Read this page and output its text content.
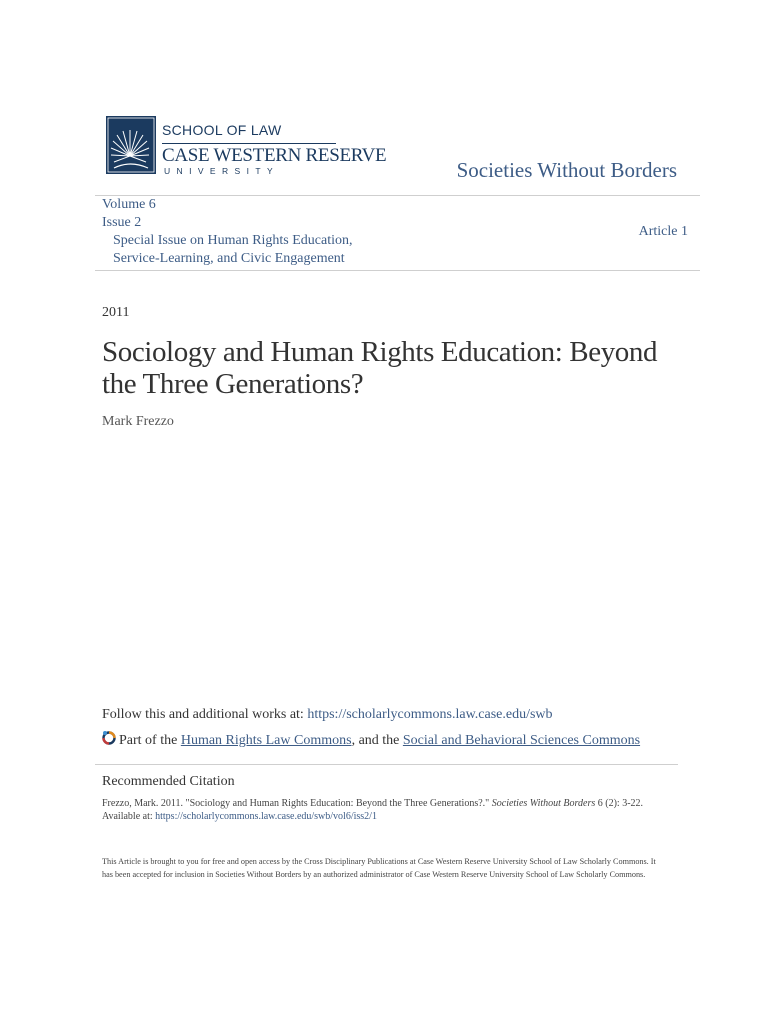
SCHOOL OF LAW
CASE WESTERN RESERVE
UNIVERSITY	Societies Without Borders
Volume 6
Issue 2
Special Issue on Human Rights Education,
Service-Learning, and Civic Engagement
Article 1
2011
Sociology and Human Rights Education: Beyond the Three Generations?
Mark Frezzo
Follow this and additional works at: https://scholarlycommons.law.case.edu/swb
Part of the Human Rights Law Commons, and the Social and Behavioral Sciences Commons
Recommended Citation
Frezzo, Mark. 2011. "Sociology and Human Rights Education: Beyond the Three Generations?." Societies Without Borders 6 (2): 3-22.
Available at: https://scholarlycommons.law.case.edu/swb/vol6/iss2/1
This Article is brought to you for free and open access by the Cross Disciplinary Publications at Case Western Reserve University School of Law Scholarly Commons. It has been accepted for inclusion in Societies Without Borders by an authorized administrator of Case Western Reserve University School of Law Scholarly Commons.
